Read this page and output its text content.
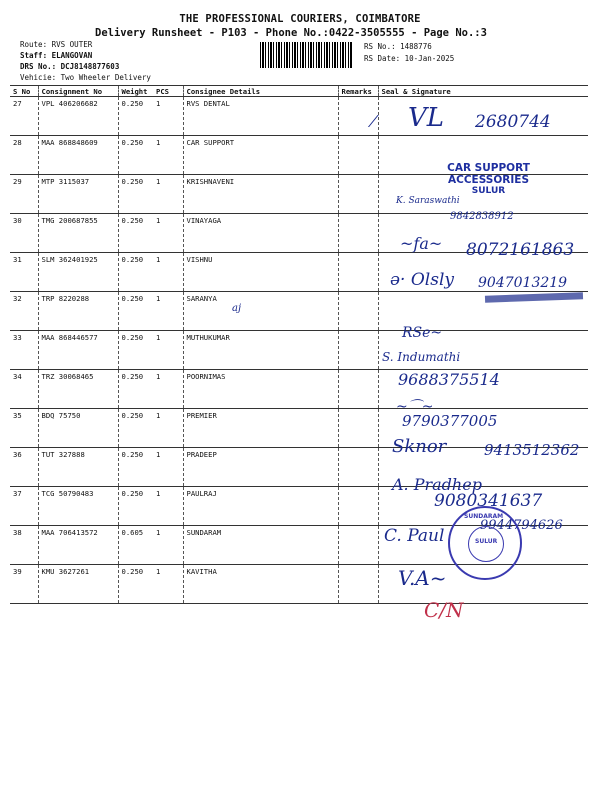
THE PROFESSIONAL COURIERS, COIMBATORE
Delivery Runsheet - P103 - Phone No.:0422-3505555 - Page No.:3
Route: RVS OUTER
Staff: ELANGOVAN
DRS No.: DCJ8148877603
Vehicie: Two Wheeler Delivery
RS No.: 1488776
RS Date: 10-Jan-2025
S No	Consignment No	Weight	PCS	Consignee Details	Remarks	Seal & Signature
27	VPL 406206682	0.250	1	RVS DENTAL		
28	MAA 868848609	0.250	1	CAR SUPPORT		
29	MTP 3115037	0.250	1	KRISHNAVENI		
30	TMG 200687855	0.250	1	VINAYAGA		
31	SLM 362401925	0.250	1	VISHNU		
32	TRP 8220288	0.250	1	SARANYA		
33	MAA 868446577	0.250	1	MUTHUKUMAR		
34	TRZ 30068465	0.250	1	POORNIMAS		
35	BDQ 75750	0.250	1	PREMIER		
36	TUT 327888	0.250	1	PRADEEP		
37	TCG 50790483	0.250	1	PAULRAJ		
38	MAA 706413572	0.605	1	SUNDARAM		
39	KMU 3627261	0.250	1	KAVITHA		
⁄ VL 2680744
CAR SUPPORT ACCESSORIES
SULUR
K. Saraswathi
9842838912
~fa~ 8072161863
ə· Olsly 9047013219
aj
RSe~
S. Indumathi
9688375514
~⌒~
9790377005
Sknor	9413512362
A. Pradhep
9080341637
C. Paul
9944794626
SUNDARAM
SULUR
V.A~
C/N
